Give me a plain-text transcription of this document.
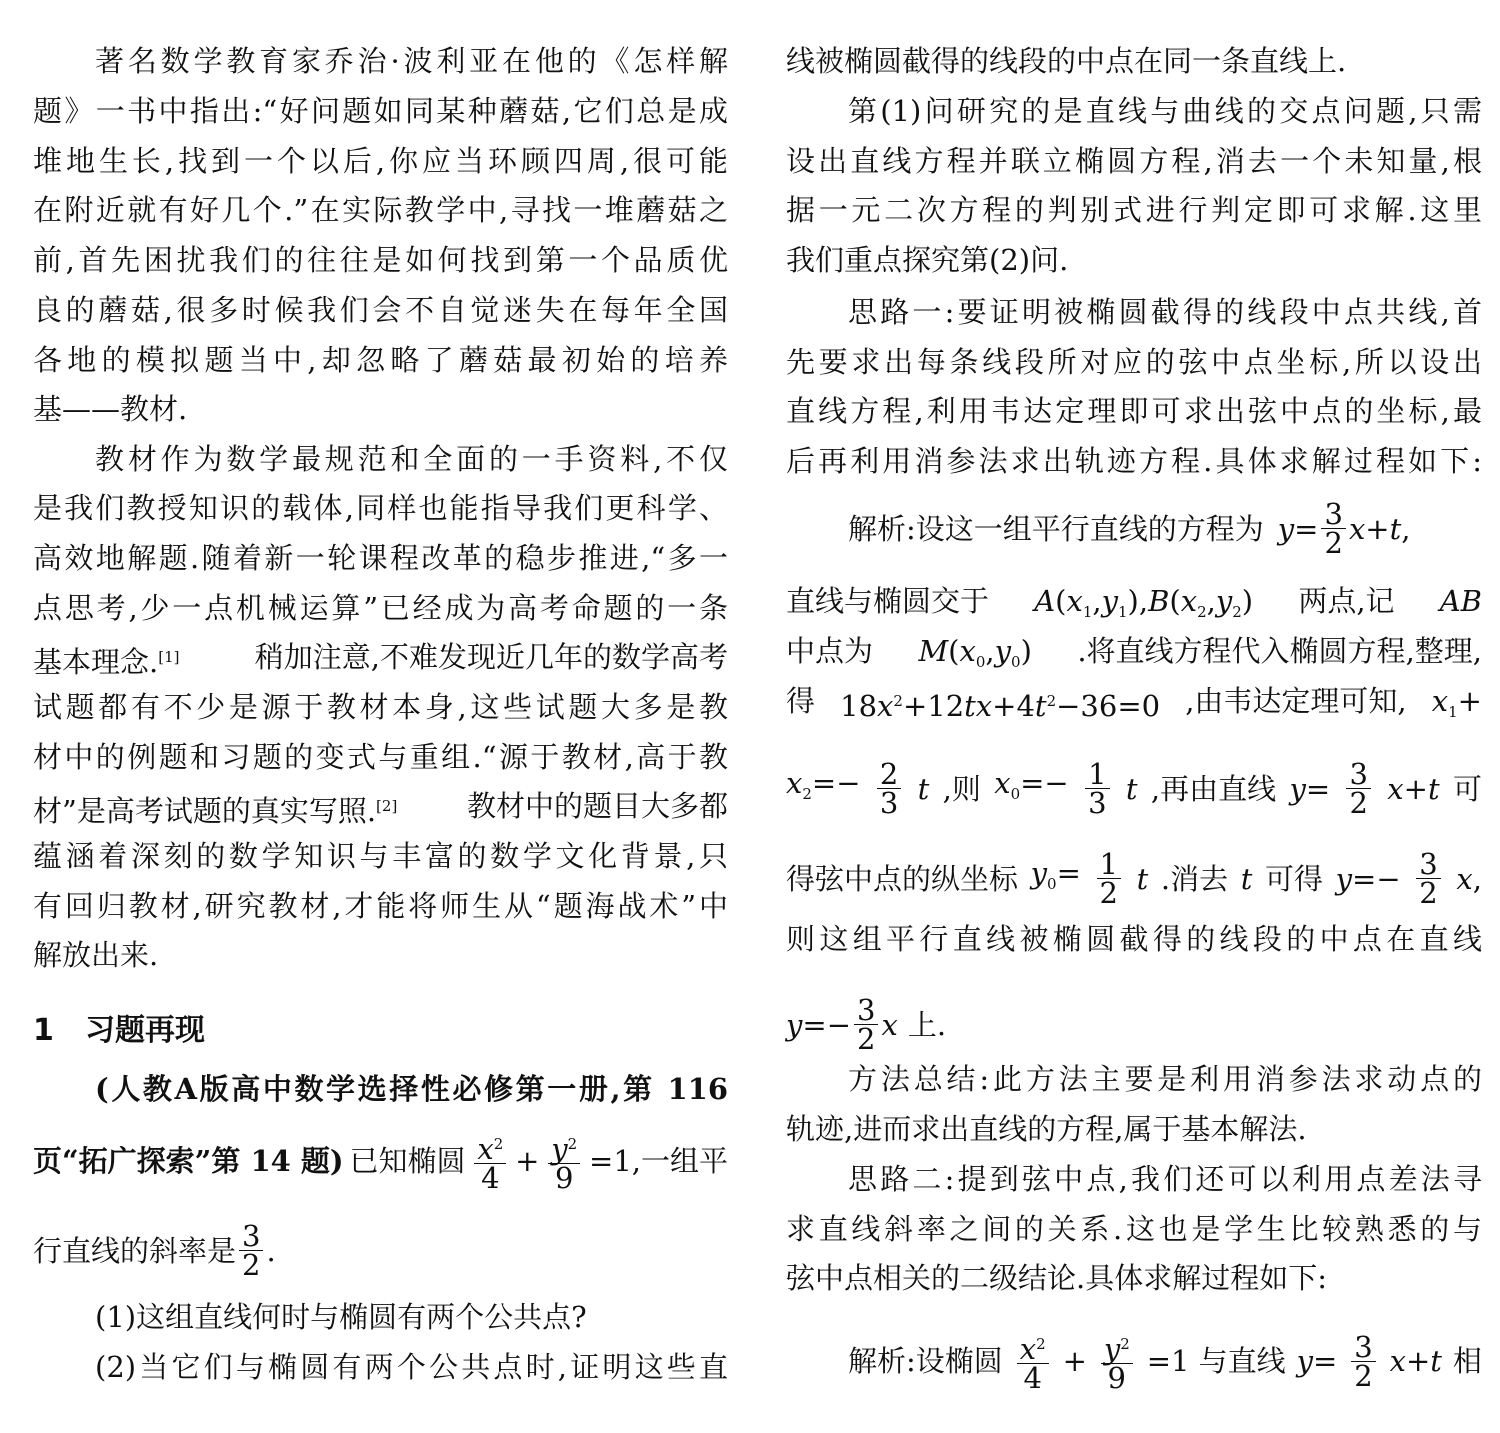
著名数学教育家乔治·波利亚在他的《怎样解
题》一书中指出:“好问题如同某种蘑菇,它们总是成
堆地生长,找到一个以后,你应当环顾四周,很可能
在附近就有好几个.”在实际教学中,寻找一堆蘑菇之
前,首先困扰我们的往往是如何找到第一个品质优
良的蘑菇,很多时候我们会不自觉迷失在每年全国
各地的模拟题当中,却忽略了蘑菇最初始的培养
基——教材.
教材作为数学最规范和全面的一手资料,不仅
是我们教授知识的载体,同样也能指导我们更科学、
高效地解题.随着新一轮课程改革的稳步推进,“多一
点思考,少一点机械运算”已经成为高考命题的一条
基本理念.[1]	稍加注意,不难发现近几年的数学高考
试题都有不少是源于教材本身,这些试题大多是教
材中的例题和习题的变式与重组.“源于教材,高于教
材”是高考试题的真实写照.[2] 教材中的题目大多都
蕴涵着深刻的数学知识与丰富的数学文化背景,只
有回归教材,研究教材,才能将师生从“题海战术”中
解放出来.
1 习题再现
(人教A版高中数学选择性必修第一册,第 116
页“拓广探索”第 14 题) 已知椭圆 $\frac{x^2}{4} + \frac{y^2}{9} =1$,一组平
行直线的斜率是 $\frac{3}{2}$ .
(1)这组直线何时与椭圆有两个公共点?
(2)当它们与椭圆有两个公共点时,证明这些直
线被椭圆截得的线段的中点在同一条直线上.
第(1)问研究的是直线与曲线的交点问题,只需
设出直线方程并联立椭圆方程,消去一个未知量,根
据一元二次方程的判别式进行判定即可求解.这里
我们重点探究第(2)问.
思路一:要证明被椭圆截得的线段中点共线,首
先要求出每条线段所对应的弦中点坐标,所以设出
直线方程,利用韦达定理即可求出弦中点的坐标,最
后再利用消参法求出轨迹方程.具体求解过程如下:
解析:设这一组平行直线的方程为 $y= \frac{3}{2} x+t$,
直线与椭圆交于 $A(x_1,y_1),B(x_2,y_2)$ 两点,记 AB
中点为 $M(x_0,y_0)$ .将直线方程代入椭圆方程,整理,
得 $18x^2+12tx+4t^2-36=0$ ,由韦达定理可知, $x_1+$
$x_2=- \frac{2}{3}$ t ,则 $x_0=- \frac{1}{3}$ t ,再由直线 $y= \frac{3}{2} x+t$ 可
得弦中点的纵坐标 $y_0= \frac{1}{2}$ t .消去 t 可得 $y=- \frac{3}{2} x$,
则这组平行直线被椭圆截得的线段的中点在直线
$y=- \frac{3}{2}$ x 上.
方法总结:此方法主要是利用消参法求动点的
轨迹,进而求出直线的方程,属于基本解法.
思路二:提到弦中点,我们还可以利用点差法寻
求直线斜率之间的关系.这也是学生比较熟悉的与
弦中点相关的二级结论.具体求解过程如下:
解析:设椭圆 $\frac{x^2}{4} + \frac{y^2}{9} =1$ 与直线 $y= \frac{3}{2} x+t$ 相
